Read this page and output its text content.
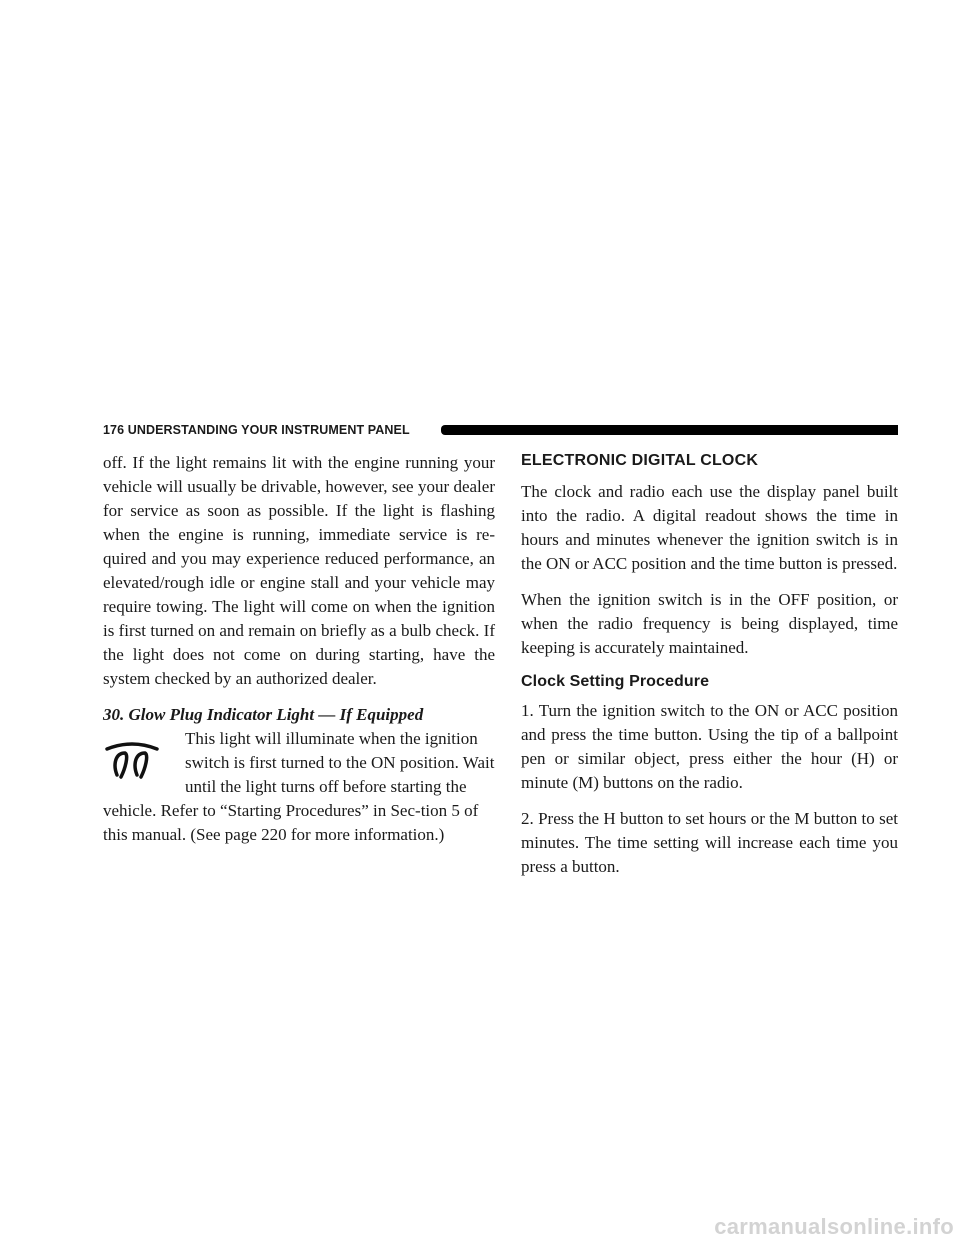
176 UNDERSTANDING YOUR INSTRUMENT PANEL

off. If the light remains lit with the engine running your vehicle will usually be drivable, however, see your dealer for service as soon as possible. If the light is flashing when the engine is running, immediate service is re-quired and you may experience reduced performance, an elevated/rough idle or engine stall and your vehicle may require towing. The light will come on when the ignition is first turned on and remain on briefly as a bulb check. If the light does not come on during starting, have the system checked by an authorized dealer.

30. Glow Plug Indicator Light — If Equipped

This light will illuminate when the ignition switch is first turned to the ON position. Wait until the light turns off before starting the vehicle. Refer to “Starting Procedures” in Sec-tion 5 of this manual. (See page 220 for more information.)
ELECTRONIC DIGITAL CLOCK

The clock and radio each use the display panel built into the radio. A digital readout shows the time in hours and minutes whenever the ignition switch is in the ON or ACC position and the time button is pressed.

When the ignition switch is in the OFF position, or when the radio frequency is being displayed, time keeping is accurately maintained.

Clock Setting Procedure

1. Turn the ignition switch to the ON or ACC position and press the time button. Using the tip of a ballpoint pen or similar object, press either the hour (H) or minute (M) buttons on the radio.

2. Press the H button to set hours or the M button to set minutes. The time setting will increase each time you press a button.

carmanualsonline.info
